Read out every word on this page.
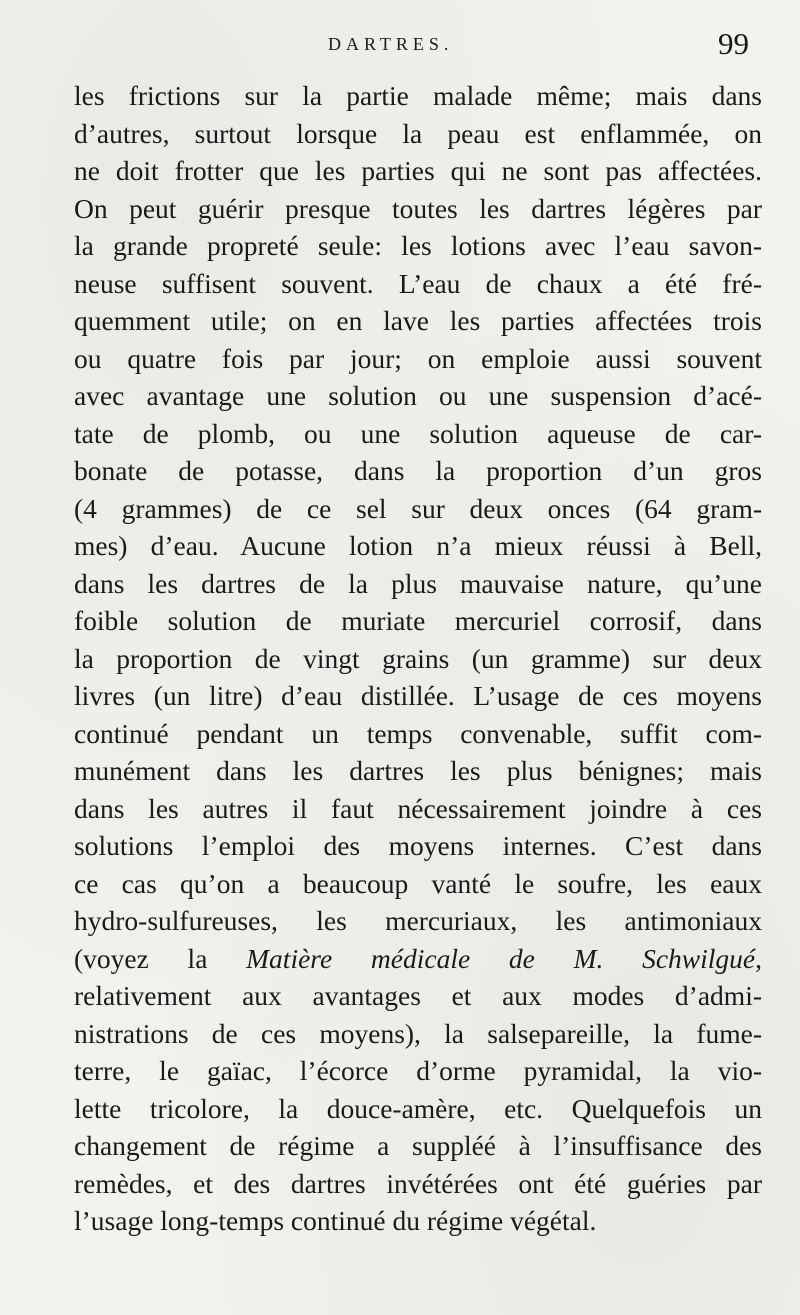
DARTRES.	99
les frictions sur la partie malade même; mais dans
d’autres, surtout lorsque la peau est enflammée, on
ne doit frotter que les parties qui ne sont pas affectées.
On peut guérir presque toutes les dartres légères par
la grande propreté seule: les lotions avec l’eau savon-
neuse suffisent souvent. L’eau de chaux a été fré-
quemment utile; on en lave les parties affectées trois
ou quatre fois par jour; on emploie aussi souvent
avec avantage une solution ou une suspension d’acé-
tate de plomb, ou une solution aqueuse de car-
bonate de potasse, dans la proportion d’un gros
(4 grammes) de ce sel sur deux onces (64 gram-
mes) d’eau. Aucune lotion n’a mieux réussi à Bell,
dans les dartres de la plus mauvaise nature, qu’une
foible solution de muriate mercuriel corrosif, dans
la proportion de vingt grains (un gramme) sur deux
livres (un litre) d’eau distillée. L’usage de ces moyens
continué pendant un temps convenable, suffit com-
munément dans les dartres les plus bénignes; mais
dans les autres il faut nécessairement joindre à ces
solutions l’emploi des moyens internes. C’est dans
ce cas qu’on a beaucoup vanté le soufre, les eaux
hydro-sulfureuses, les mercuriaux, les antimoniaux
(voyez la Matière médicale de M. Schwilgué,
relativement aux avantages et aux modes d’admi-
nistrations de ces moyens), la salsepareille, la fume-
terre, le gaïac, l’écorce d’orme pyramidal, la vio-
lette tricolore, la douce-amère, etc. Quelquefois un
changement de régime a suppléé à l’insuffisance des
remèdes, et des dartres invétérées ont été guéries par
l’usage long-temps continué du régime végétal.
